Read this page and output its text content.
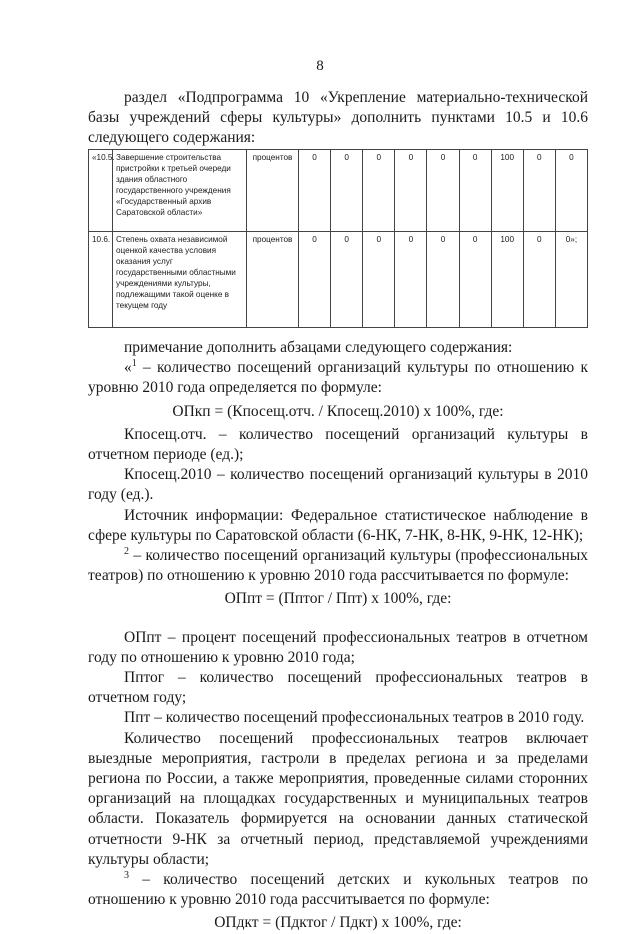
8

раздел «Подпрограмма 10 «Укрепление материально-технической базы учреждений сферы культуры» дополнить пунктами 10.5 и 10.6 следующего содержания:

«10.5.	Завершение строительства пристройки к третьей очереди здания областного государственного учреждения «Государственный архив Саратовской области»	процентов	0	0	0	0	0	0	100	0	0
10.6.	Степень охвата независимой оценкой качества условия оказания услуг государственными областными учреждениями культуры, подлежащими такой оценке в текущем году	процентов	0	0	0	0	0	0	100	0	0»;

примечание дополнить абзацами следующего содержания:

«$^1$ – количество посещений организаций культуры по отношению к уровню 2010 года определяется по формуле:

ОПкп = (Кпосещ.отч. / Кпосещ.2010) х 100%, где:

Кпосещ.отч. – количество посещений организаций культуры в отчетном периоде (ед.);

Кпосещ.2010 – количество посещений организаций культуры в 2010 году (ед.).

Источник информации: Федеральное статистическое наблюдение в сфере культуры по Саратовской области (6-НК, 7-НК, 8-НК, 9-НК, 12-НК);

$^2$ – количество посещений организаций культуры (профессиональных театров) по отношению к уровню 2010 года рассчитывается по формуле:

ОПпт = (Пптог / Ппт) х 100%, где:

ОПпт – процент посещений профессиональных театров в отчетном году по отношению к уровню 2010 года;

Пптог – количество посещений профессиональных театров в отчетном году;

Ппт – количество посещений профессиональных театров в 2010 году.

Количество посещений профессиональных театров включает выездные мероприятия, гастроли в пределах региона и за пределами региона по России, а также мероприятия, проведенные силами сторонних организаций на площадках государственных и муниципальных театров области. Показатель формируется на основании данных статической отчетности 9-НК за отчетный период, представляемой учреждениями культуры области;

$^3$ – количество посещений детских и кукольных театров по отношению к уровню 2010 года рассчитывается по формуле:

ОПдкт = (Пдктог / Пдкт) х 100%, где:
